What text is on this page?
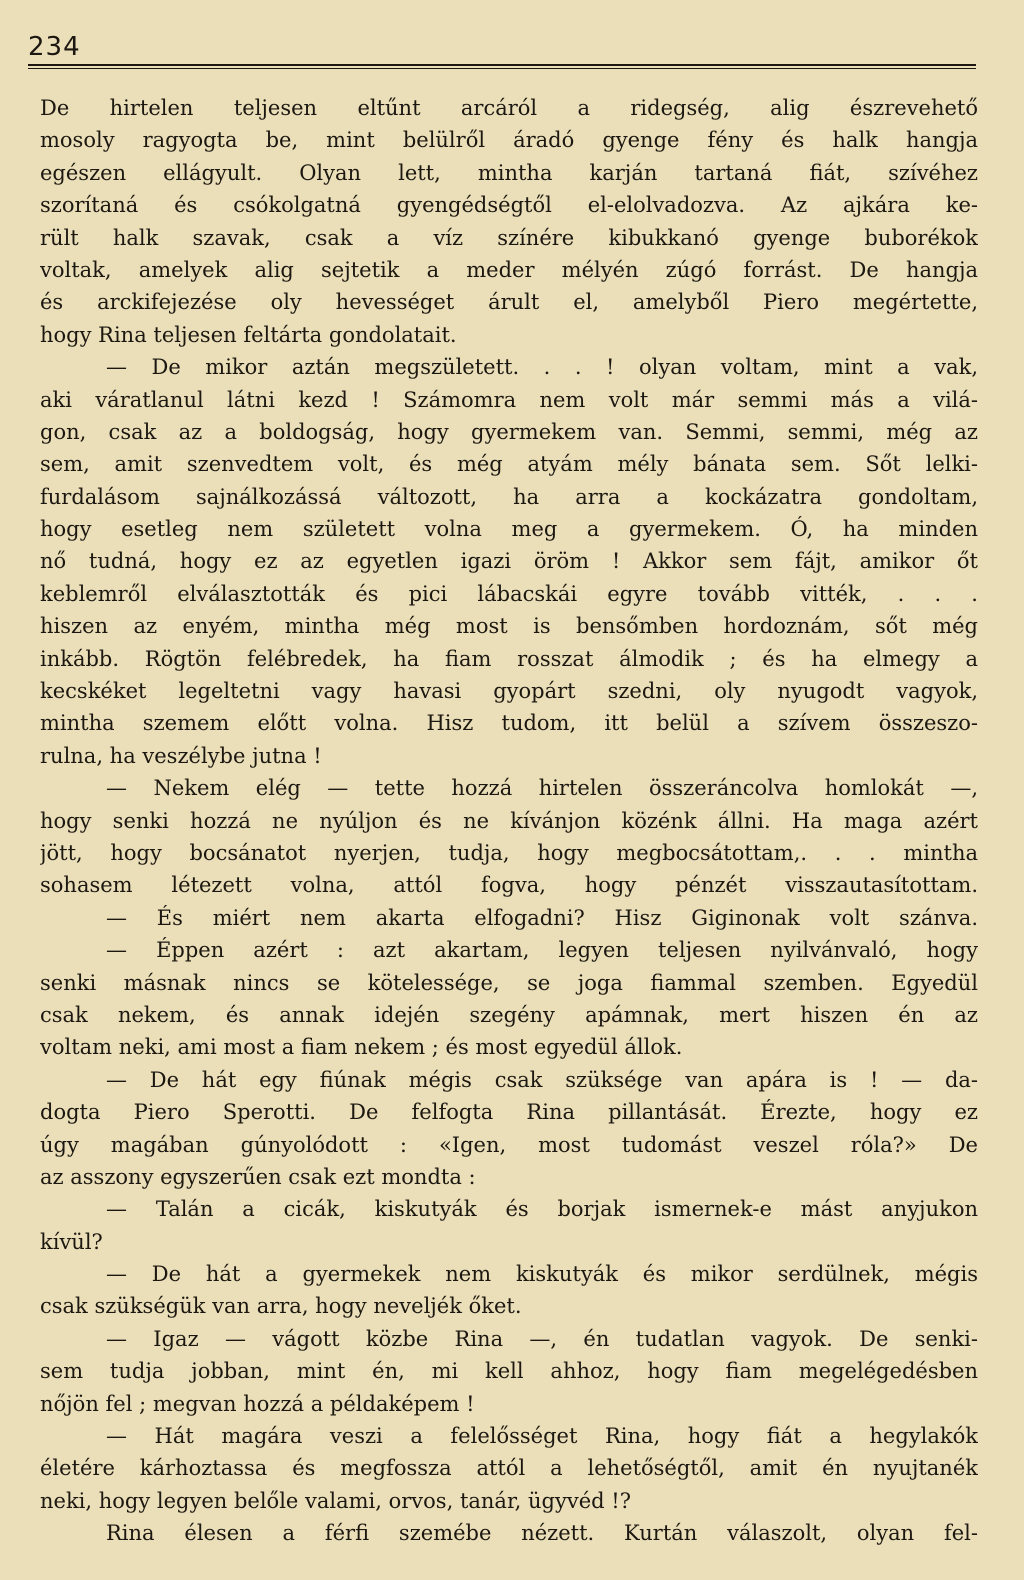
234
De hirtelen teljesen eltűnt arcáról a ridegség, alig észrevehető
mosoly ragyogta be, mint belülről áradó gyenge fény és halk hangja
egészen ellágyult. Olyan lett, mintha karján tartaná fiát, szívéhez
szorítaná és csókolgatná gyengédségtől el-elolvadozva. Az ajkára ke-
rült halk szavak, csak a víz színére kibukkanó gyenge buborékok
voltak, amelyek alig sejtetik a meder mélyén zúgó forrást. De hangja
és arckifejezése oly hevességet árult el, amelyből Piero megértette,
hogy Rina teljesen feltárta gondolatait.
— De mikor aztán megszületett. . . ! olyan voltam, mint a vak,
aki váratlanul látni kezd ! Számomra nem volt már semmi más a vilá-
gon, csak az a boldogság, hogy gyermekem van. Semmi, semmi, még az
sem, amit szenvedtem volt, és még atyám mély bánata sem. Sőt lelki-
furdalásom sajnálkozássá változott, ha arra a kockázatra gondoltam,
hogy esetleg nem született volna meg a gyermekem. Ó, ha minden
nő tudná, hogy ez az egyetlen igazi öröm ! Akkor sem fájt, amikor őt
keblemről elválasztották és pici lábacskái egyre tovább vitték, . . .
hiszen az enyém, mintha még most is bensőmben hordoznám, sőt még
inkább. Rögtön felébredek, ha fiam rosszat álmodik ; és ha elmegy a
kecskéket legeltetni vagy havasi gyopárt szedni, oly nyugodt vagyok,
mintha szemem előtt volna. Hisz tudom, itt belül a szívem összeszo-
rulna, ha veszélybe jutna !
— Nekem elég — tette hozzá hirtelen összeráncolva homlokát —,
hogy senki hozzá ne nyúljon és ne kívánjon közénk állni. Ha maga azért
jött, hogy bocsánatot nyerjen, tudja, hogy megbocsátottam,. . . mintha
sohasem létezett volna, attól fogva, hogy pénzét visszautasítottam.
— És miért nem akarta elfogadni? Hisz Giginonak volt szánva.
— Éppen azért : azt akartam, legyen teljesen nyilvánvaló, hogy
senki másnak nincs se kötelessége, se joga fiammal szemben. Egyedül
csak nekem, és annak idején szegény apámnak, mert hiszen én az
voltam neki, ami most a fiam nekem ; és most egyedül állok.
— De hát egy fiúnak mégis csak szüksége van apára is ! — da-
dogta Piero Sperotti. De felfogta Rina pillantását. Érezte, hogy ez
úgy magában gúnyolódott : «Igen, most tudomást veszel róla?» De
az asszony egyszerűen csak ezt mondta :
— Talán a cicák, kiskutyák és borjak ismernek-e mást anyjukon
kívül?
— De hát a gyermekek nem kiskutyák és mikor serdülnek, mégis
csak szükségük van arra, hogy neveljék őket.
— Igaz — vágott közbe Rina —, én tudatlan vagyok. De senki-
sem tudja jobban, mint én, mi kell ahhoz, hogy fiam megelégedésben
nőjön fel ; megvan hozzá a példaképem !
— Hát magára veszi a felelősséget Rina, hogy fiát a hegylakók
életére kárhoztassa és megfossza attól a lehetőségtől, amit én nyujtanék
neki, hogy legyen belőle valami, orvos, tanár, ügyvéd !?
Rina élesen a férfi szemébe nézett. Kurtán válaszolt, olyan fel-
